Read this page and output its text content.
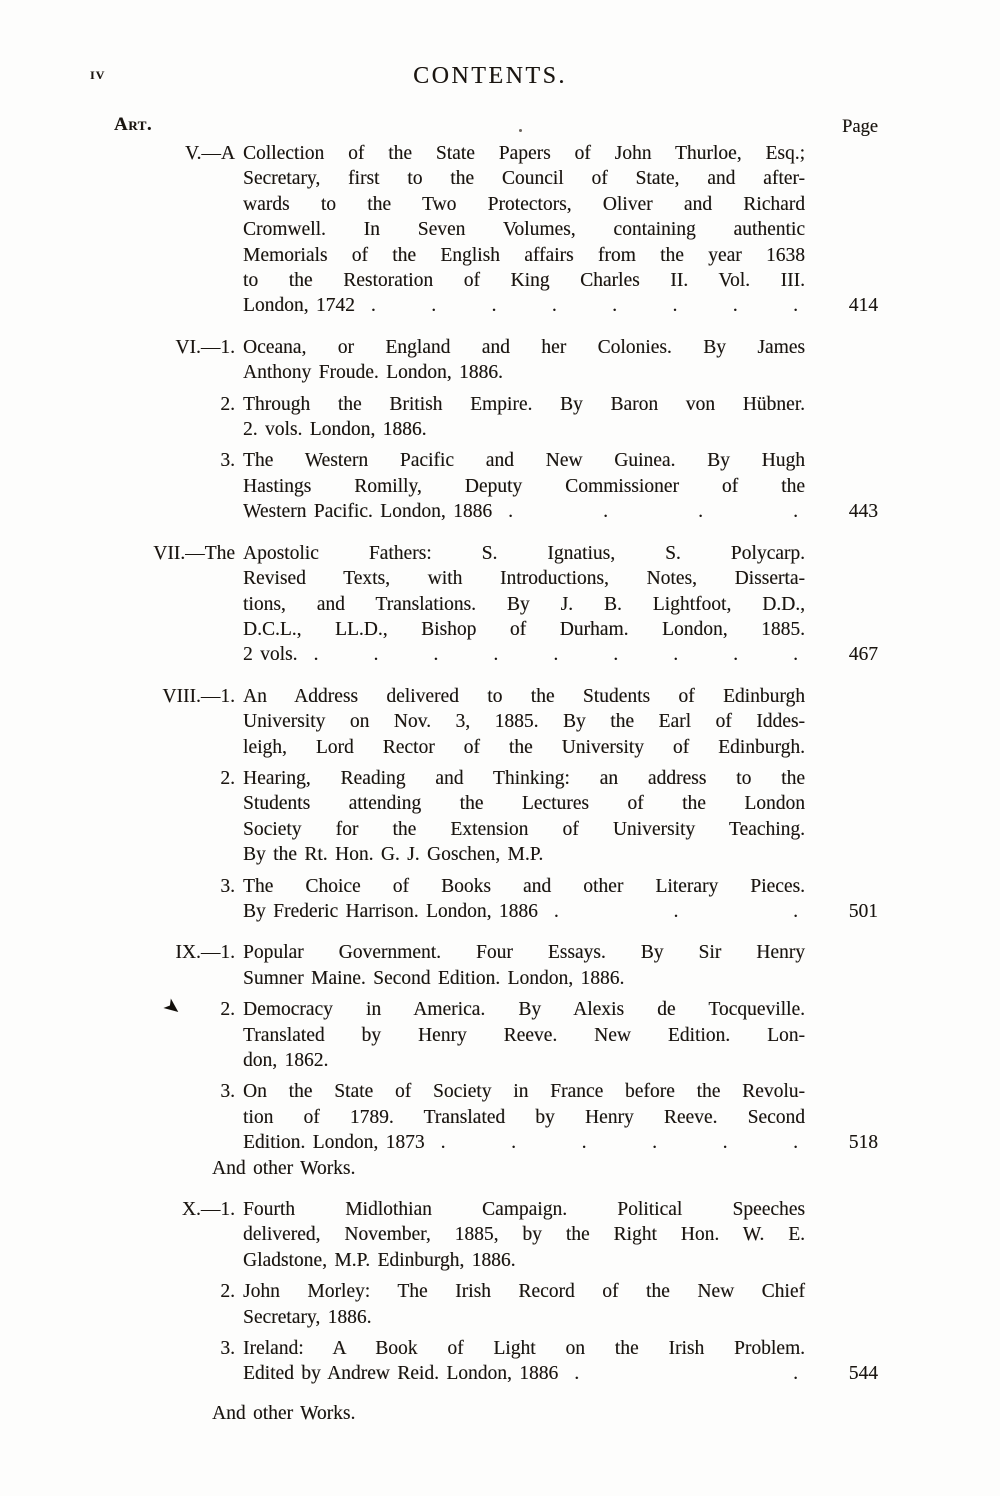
iv	CONTENTS.
Art.	Page
V.—A Collection of the State Papers of John Thurloe, Esq.;
Secretary, first to the Council of State, and after-
wards to the Two Protectors, Oliver and Richard
Cromwell. In Seven Volumes, containing authentic
Memorials of the English affairs from the year 1638
to the Restoration of King Charles II. Vol. III.
London, 1742 . . . . . . . .	414
VI.—1. Oceana, or England and her Colonies. By James
Anthony Froude. London, 1886.
2. Through the British Empire. By Baron von Hübner.
2. vols. London, 1886.
3. The Western Pacific and New Guinea. By Hugh
Hastings Romilly, Deputy Commissioner of the
Western Pacific. London, 1886 . . . .	443
VII.—The Apostolic Fathers: S. Ignatius, S. Polycarp.
Revised Texts, with Introductions, Notes, Disserta-
tions, and Translations. By J. B. Lightfoot, D.D.,
D.C.L., LL.D., Bishop of Durham. London, 1885.
2 vols. . . . . . . . . .	467
VIII.—1. An Address delivered to the Students of Edinburgh
University on Nov. 3, 1885. By the Earl of Iddes-
leigh, Lord Rector of the University of Edinburgh.
2. Hearing, Reading and Thinking: an address to the
Students attending the Lectures of the London
Society for the Extension of University Teaching.
By the Rt. Hon. G. J. Goschen, M.P.
3. The Choice of Books and other Literary Pieces.
By Frederic Harrison. London, 1886 . . .	501
IX.—1. Popular Government. Four Essays. By Sir Henry
Sumner Maine. Second Edition. London, 1886.
2.
➤	Democracy in America. By Alexis de Tocqueville.
Translated by Henry Reeve. New Edition. Lon-
don, 1862.
3. On the State of Society in France before the Revolu-
tion of 1789. Translated by Henry Reeve. Second
Edition. London, 1873 . . . . . .	518
And other Works.
X.—1. Fourth Midlothian Campaign. Political Speeches
delivered, November, 1885, by the Right Hon. W. E.
Gladstone, M.P. Edinburgh, 1886.
2. John Morley: The Irish Record of the New Chief
Secretary, 1886.
3. Ireland: A Book of Light on the Irish Problem.
Edited by Andrew Reid. London, 1886 . .	544
And other Works.
